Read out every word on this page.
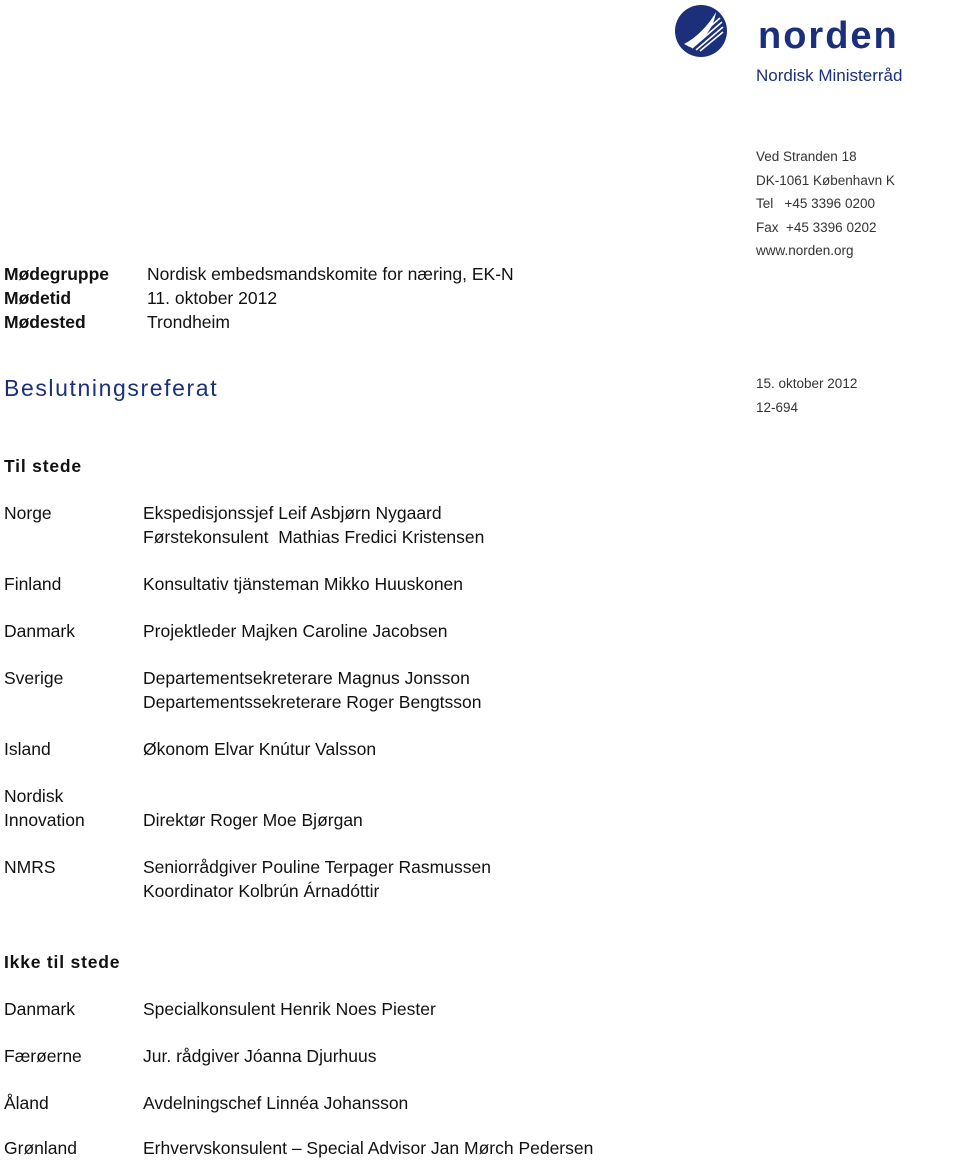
norden
Nordisk Ministerråd
Ved Stranden 18
DK-1061 København K
Tel   +45 3396 0200
Fax  +45 3396 0202
www.norden.org
Mødegruppe Nordisk embedsmandskomite for næring, EK-N
Mødetid	11. oktober 2012
Mødested	Trondheim
Beslutningsreferat	15. oktober 2012
12-694
Til stede
Norge	Ekspedisjonssjef Leif Asbjørn Nygaard
Førstekonsulent  Mathias Fredici Kristensen
Finland	Konsultativ tjänsteman Mikko Huuskonen
Danmark	Projektleder Majken Caroline Jacobsen
Sverige	Departementsekreterare Magnus Jonsson
Departementssekreterare Roger Bengtsson
Island	Økonom Elvar Knútur Valsson
Nordisk
Innovation	Direktør Roger Moe Bjørgan
NMRS	Seniorrådgiver Pouline Terpager Rasmussen
Koordinator Kolbrún Árnadóttir
Ikke til stede
Danmark	Specialkonsulent Henrik Noes Piester
Færøerne	Jur. rådgiver Jóanna Djurhuus
Åland	Avdelningschef Linnéa Johansson
Grønland	Erhvervskonsulent – Special Advisor Jan Mørch Pedersen
